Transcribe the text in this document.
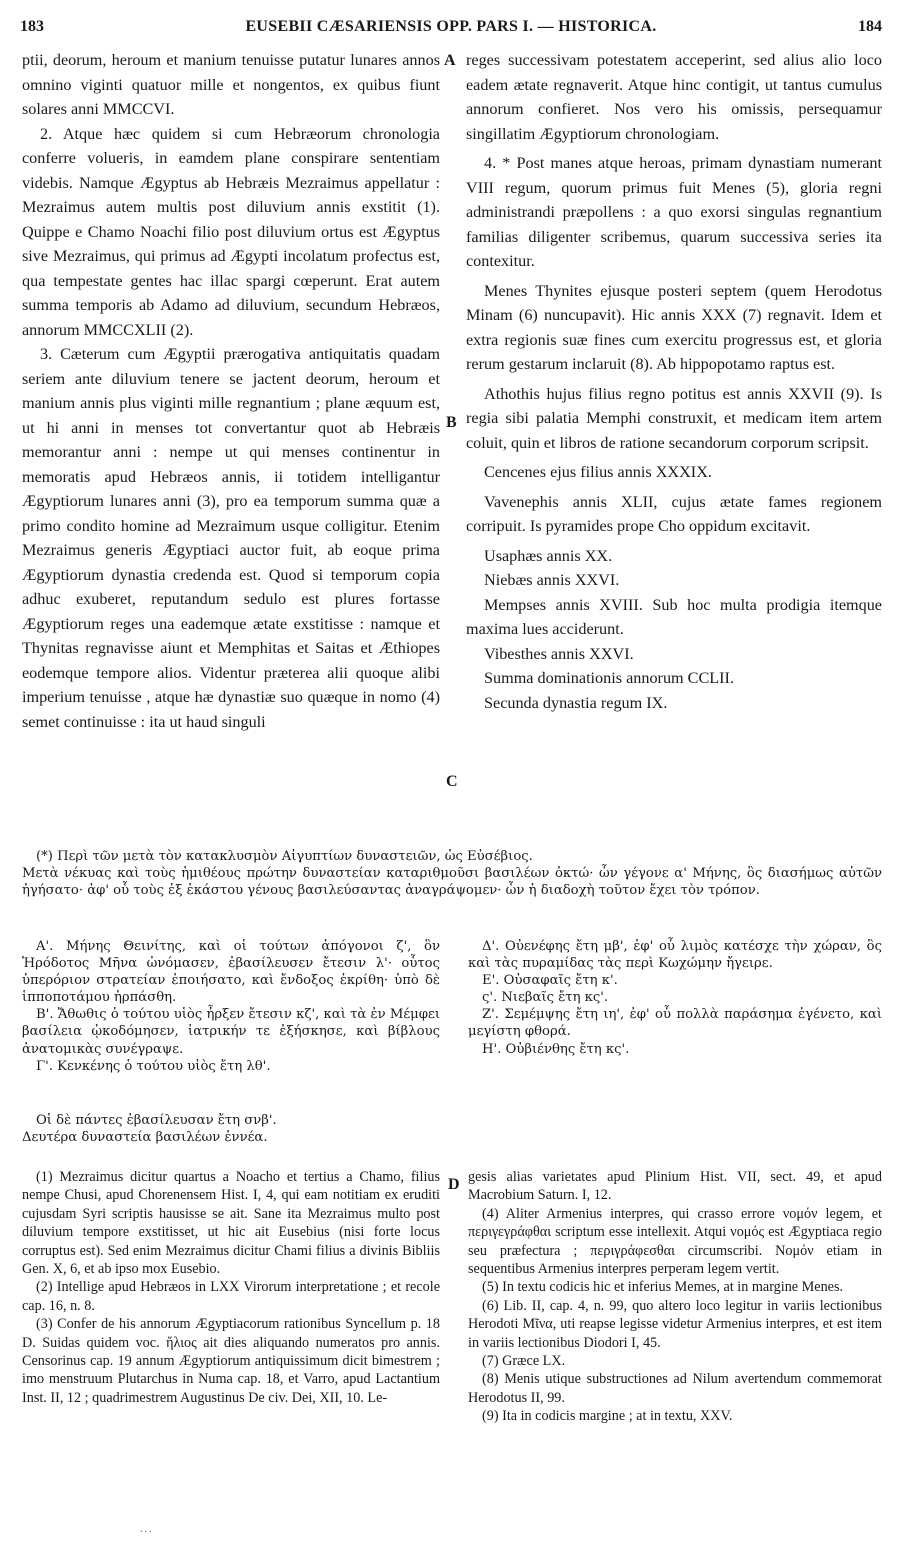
183	EUSEBII CÆSARIENSIS OPP. PARS I. — HISTORICA.	184

ptii, deorum, heroum et manium tenuisse putatur lunares annos omnino viginti quatuor mille et nongentos, ex quibus fiunt solares anni MMCCVI.

2. Atque hæc quidem si cum Hebræorum chronologia conferre volueris, in eamdem plane conspirare sententiam videbis. Namque Ægyptus ab Hebræis Mezraimus appellatur : Mezraimus autem multis post diluvium annis exstitit (1). Quippe e Chamo Noachi filio post diluvium ortus est Ægyptus sive Mezraimus, qui primus ad Ægypti incolatum profectus est, qua tempestate gentes hac illac spargi cœperunt. Erat autem summa temporis ab Adamo ad diluvium, secundum Hebræos, annorum MMCCXLII (2).

3. Cæterum cum Ægyptii prærogativa antiquitatis quadam seriem ante diluvium tenere se jactent deorum, heroum et manium annis plus viginti mille regnantium ; plane æquum est, ut hi anni in menses tot convertantur quot ab Hebræis memorantur anni : nempe ut qui menses continentur in memoratis apud Hebræos annis, ii totidem intelligantur Ægyptiorum lunares anni (3), pro ea temporum summa quæ a primo condito homine ad Mezraimum usque colligitur. Etenim Mezraimus generis Ægyptiaci auctor fuit, ab eoque prima Ægyptiorum dynastia credenda est. Quod si temporum copia adhuc exuberet, reputandum sedulo est plures fortasse Ægyptiorum reges una eademque ætate exstitisse : namque et Thynitas regnavisse aiunt et Memphitas et Saitas et Æthiopes eodemque tempore alios. Videntur præterea alii quoque alibi imperium tenuisse , atque hæ dynastiæ suo quæque in nomo (4) semet continuisse : ita ut haud singuli

reges successivam potestatem acceperint, sed alius alio loco eadem ætate regnaverit. Atque hinc contigit, ut tantus cumulus annorum confieret. Nos vero his omissis, persequamur singillatim Ægyptiorum chronologiam.

4. * Post manes atque heroas, primam dynastiam numerant VIII regum, quorum primus fuit Menes (5), gloria regni administrandi præpollens : a quo exorsi singulas regnantium familias diligenter scribemus, quarum successiva series ita contexitur.

Menes Thynites ejusque posteri septem (quem Herodotus Minam (6) nuncupavit). Hic annis XXX (7) regnavit. Idem et extra regionis suæ fines cum exercitu progressus est, et gloria rerum gestarum inclaruit (8). Ab hippopotamo raptus est.

Athothis hujus filius regno potitus est annis XXVII (9). Is regia sibi palatia Memphi construxit, et medicam item artem coluit, quin et libros de ratione secandorum corporum scripsit.

Cencenes ejus filius annis XXXIX.

Vavenephis annis XLII, cujus ætate fames regionem corripuit. Is pyramides prope Cho oppidum excitavit.

Usaphæs annis XX.

Niebæs annis XXVI.

Mempses annis XVIII. Sub hoc multa prodigia itemque maxima lues acciderunt.

Vibesthes annis XXVI.

Summa dominationis annorum CCLII.

Secunda dynastia regum IX.

A
B
C
D

(*) Περὶ τῶν μετὰ τὸν κατακλυσμὸν Αἰγυπτίων δυναστειῶν, ὡς Εὐσέβιος.

Μετὰ νέκυας καὶ τοὺς ἡμιθέους πρώτην δυναστείαν καταριθμοῦσι βασιλέων ὀκτώ· ὧν γέγονε α' Μήνης, ὃς διασήμως αὐτῶν ἡγήσατο· ἀφ' οὗ τοὺς ἐξ ἑκάστου γένους βασιλεύσαντας ἀναγράψομεν· ὧν ἡ διαδοχὴ τοῦτον ἔχει τὸν τρόπον.

Α'. Μήνης Θεινίτης, καὶ οἱ τούτων ἀπόγονοι ζ', ὃν Ἡρόδοτος Μῆνα ὠνόμασεν, ἐβασίλευσεν ἔτεσιν λ'· οὗτος ὑπερόριον στρατείαν ἐποιήσατο, καὶ ἔνδοξος ἐκρίθη· ὑπὸ δὲ ἱπποποτάμου ἡρπάσθη.

Β'. Ἄθωθις ὁ τούτου υἱὸς ἦρξεν ἔτεσιν κζ', καὶ τὰ ἐν Μέμφει βασίλεια ᾠκοδόμησεν, ἰατρικήν τε ἐξήσκησε, καὶ βίβλους ἀνατομικὰς συνέγραψε.

Γ'. Κενκένης ὁ τούτου υἱὸς ἔτη λθ'.

Δ'. Οὐενέφης ἔτη μβ', ἐφ' οὗ λιμὸς κατέσχε τὴν χώραν, ὃς καὶ τὰς πυραμίδας τὰς περὶ Κωχώμην ἤγειρε.

Ε'. Οὐσαφαῖς ἔτη κ'.

ς'. Νιεβαῖς ἔτη κς'.

Ζ'. Σεμέμψης ἔτη ιη', ἐφ' οὗ πολλὰ παράσημα ἐγένετο, καὶ μεγίστη φθορά.

Η'. Οὐβιένθης ἔτη κς'.

Οἱ δὲ πάντες ἐβασίλευσαν ἔτη σνβ'.

Δευτέρα δυναστεία βασιλέων ἐννέα.

(1) Mezraimus dicitur quartus a Noacho et tertius a Chamo, filius nempe Chusi, apud Chorenensem Hist. I, 4, qui eam notitiam ex eruditi cujusdam Syri scriptis hausisse se ait. Sane ita Mezraimus multo post diluvium tempore exstitisset, ut hic ait Eusebius (nisi forte locus corruptus est). Sed enim Mezraimus dicitur Chami filius a divinis Bibliis Gen. X, 6, et ab ipso mox Eusebio.

(2) Intellige apud Hebræos in LXX Virorum interpretatione ; et recole cap. 16, n. 8.

(3) Confer de his annorum Ægyptiacorum rationibus Syncellum p. 18 D. Suidas quidem voc. ἥλιος ait dies aliquando numeratos pro annis. Censorinus cap. 19 annum Ægyptiorum antiquissimum dicit bimestrem ; imo menstruum Plutarchus in Numa cap. 18, et Varro, apud Lactantium Inst. II, 12 ; quadrimestrem Augustinus De civ. Dei, XII, 10. Le-

gesis alias varietates apud Plinium Hist. VII, sect. 49, et apud Macrobium Saturn. I, 12.

(4) Aliter Armenius interpres, qui crasso errore νομόν legem, et περιγεγράφθαι scriptum esse intellexit. Atqui νομός est Ægyptiaca regio seu præfectura ; περιγράφεσθαι circumscribi. Νομόν etiam in sequentibus Armenius interpres perperam legem vertit.

(5) In textu codicis hic et inferius Memes, at in margine Menes.

(6) Lib. II, cap. 4, n. 99, quo altero loco legitur in variis lectionibus Herodoti Μῖνα, uti reapse legisse videtur Armenius interpres, et est item in variis lectionibus Diodori I, 45.

(7) Græce LX.

(8) Menis utique substructiones ad Nilum avertendum commemorat Herodotus II, 99.

(9) Ita in codicis margine ; at in textu, XXV.

...
